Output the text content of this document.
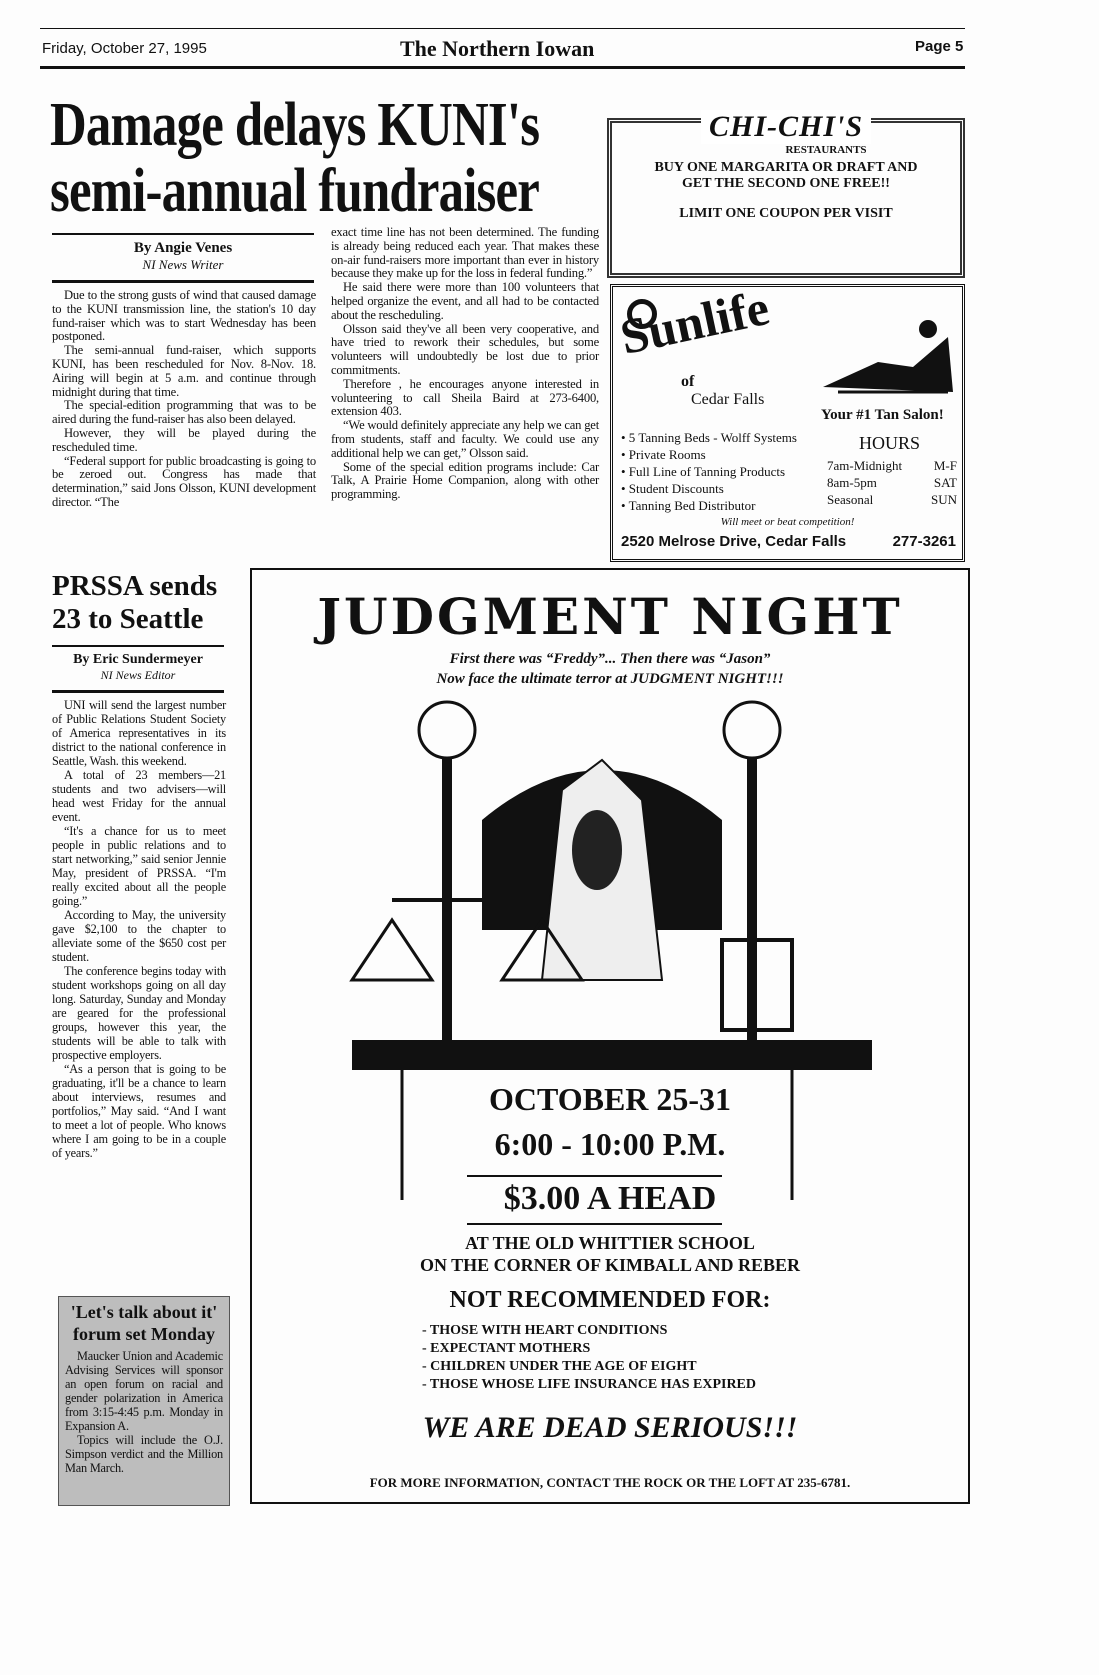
Friday, October 27, 1995	The Northern Iowan	Page 5
Damage delays KUNI's
semi-annual fundraiser
By Angie Venes
NI News Writer

Due to the strong gusts of wind that caused damage to the KUNI transmission line, the station's 10 day fund-raiser which was to start Wednesday has been postponed.

The semi-annual fund-raiser, which supports KUNI, has been rescheduled for Nov. 8-Nov. 18. Airing will begin at 5 a.m. and continue through midnight during that time.

The special-edition programming that was to be aired during the fund-raiser has also been delayed.

However, they will be played during the rescheduled time.

“Federal support for public broadcasting is going to be zeroed out. Congress has made that determination,” said Jons Olsson, KUNI development director. “The

exact time line has not been determined. The funding is already being reduced each year. That makes these on-air fund-raisers more important than ever in history because they make up for the loss in federal funding.”

He said there were more than 100 volunteers that helped organize the event, and all had to be contacted about the rescheduling.

Olsson said they've all been very cooperative, and have tried to rework their schedules, but some volunteers will undoubtedly be lost due to prior commitments.

Therefore , he encourages anyone interested in volunteering to call Sheila Baird at 273-6400, extension 403.

“We would definitely appreciate any help we can get from students, staff and faculty. We could use any additional help we can get,” Olsson said.

Some of the special edition programs include: Car Talk, A Prairie Home Companion, along with other programming.

CHI-CHI'S
RESTAURANTS
BUY ONE MARGARITA OR DRAFT AND GET THE SECOND ONE FREE!!
LIMIT ONE COUPON PER VISIT
Sunlife
of
Cedar Falls
Your #1 Tan Salon!
• 5 Tanning Beds - Wolff Systems
• Private Rooms
• Full Line of Tanning Products
• Student Discounts
• Tanning Bed Distributor
HOURS
7am-Midnight M-F
8am-5pm	SAT
Seasonal	SUN
Will meet or beat competition!
2520 Melrose Drive, Cedar Falls	277-3261
PRSSA sends
23 to Seattle
By Eric Sundermeyer
NI News Editor

UNI will send the largest number of Public Relations Student Society of America representatives in its district to the national conference in Seattle, Wash. this weekend.

A total of 23 members—21 students and two advisers—will head west Friday for the annual event.

“It's a chance for us to meet people in public relations and to start networking,” said senior Jennie May, president of PRSSA. “I'm really excited about all the people going.”

According to May, the university gave $2,100 to the chapter to alleviate some of the $650 cost per student.

The conference begins today with student workshops going on all day long. Saturday, Sunday and Monday are geared for the professional groups, however this year, the students will be able to talk with prospective employers.

“As a person that is going to be graduating, it'll be a chance to learn about interviews, resumes and portfolios,” May said. “And I want to meet a lot of people. Who knows where I am going to be in a couple of years.”

'Let's talk about it' forum set Monday

Maucker Union and Academic Advising Services will sponsor an open forum on racial and gender polarization in America from 3:15-4:45 p.m. Monday in Expansion A.

Topics will include the O.J. Simpson verdict and the Million Man March.

JUDGMENT NIGHT
First there was “Freddy”... Then there was “Jason”
Now face the ultimate terror at JUDGMENT NIGHT!!!
OCTOBER 25-31
6:00 - 10:00 P.M.
$3.00 A HEAD
AT THE OLD WHITTIER SCHOOL
ON THE CORNER OF KIMBALL AND REBER
NOT RECOMMENDED FOR:
- THOSE WITH HEART CONDITIONS
- EXPECTANT MOTHERS
- CHILDREN UNDER THE AGE OF EIGHT
- THOSE WHOSE LIFE INSURANCE HAS EXPIRED
WE ARE DEAD SERIOUS!!!
FOR MORE INFORMATION, CONTACT THE ROCK OR THE LOFT AT 235-6781.
